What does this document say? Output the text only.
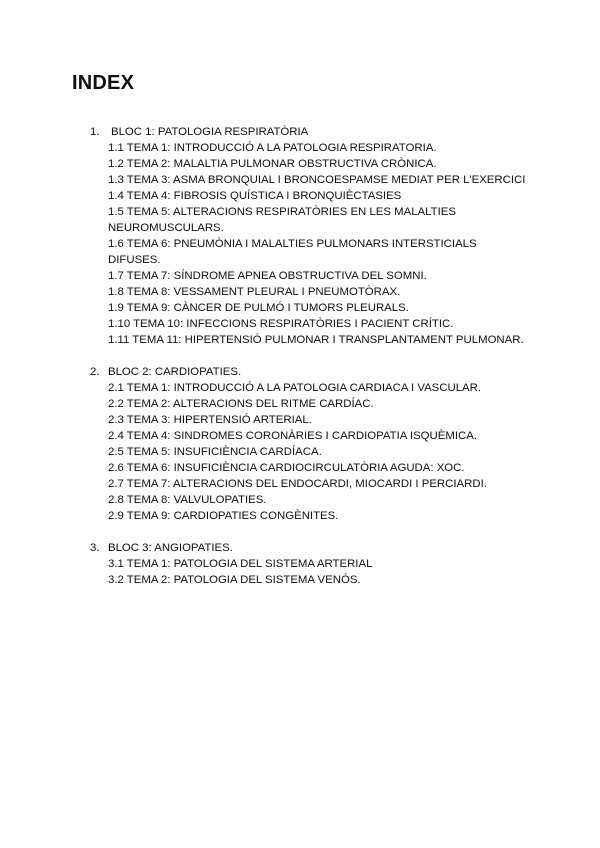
INDEX
1.	BLOC 1: PATOLOGIA RESPIRATÒRIA
1.1 TEMA 1: INTRODUCCIÓ A LA PATOLOGIA RESPIRATORIA.
1.2 TEMA 2: MALALTIA PULMONAR OBSTRUCTIVA CRÒNICA.
1.3 TEMA 3: ASMA BRONQUIAL I BRONCOESPAMSE MEDIAT PER L'EXERCICI
1.4 TEMA 4: FIBROSIS QUÍSTICA I BRONQUIÈCTASIES
1.5 TEMA 5: ALTERACIONS RESPIRATÒRIES EN LES MALALTIES NEUROMUSCULARS.
1.6 TEMA 6: PNEUMÒNIA I MALALTIES PULMONARS INTERSTICIALS DIFUSES.
1.7 TEMA 7: SÍNDROME APNEA OBSTRUCTIVA DEL SOMNI.
1.8 TEMA 8: VESSAMENT PLEURAL I PNEUMOTÒRAX.
1.9 TEMA 9: CÀNCER DE PULMÓ I TUMORS PLEURALS.
1.10 TEMA 10: INFECCIONS RESPIRATÒRIES I PACIENT CRÍTIC.
1.11 TEMA 11: HIPERTENSIÓ PULMONAR I TRANSPLANTAMENT PULMONAR.
2. BLOC 2: CARDIOPATIES.
2.1 TEMA 1: INTRODUCCIÓ A LA PATOLOGIA CARDIACA I VASCULAR.
2.2 TEMA 2: ALTERACIONS DEL RITME CARDÍAC.
2.3 TEMA 3: HIPERTENSIÓ ARTERIAL.
2.4 TEMA 4: SINDROMES CORONÀRIES I CARDIOPATIA ISQUÈMICA.
2.5 TEMA 5: INSUFICIÈNCIA CARDÍACA.
2.6 TEMA 6: INSUFICIÈNCIA CARDIOCIRCULATÒRIA AGUDA: XOC.
2.7 TEMA 7: ALTERACIONS DEL ENDOCARDI, MIOCARDI I PERCIARDI.
2.8 TEMA 8: VALVULOPATIES.
2.9 TEMA 9: CARDIOPATIES CONGÈNITES.
3. BLOC 3: ANGIOPATIES.
3.1 TEMA 1: PATOLOGIA DEL SISTEMA ARTERIAL
3.2 TEMA 2: PATOLOGIA DEL SISTEMA VENÓS.
